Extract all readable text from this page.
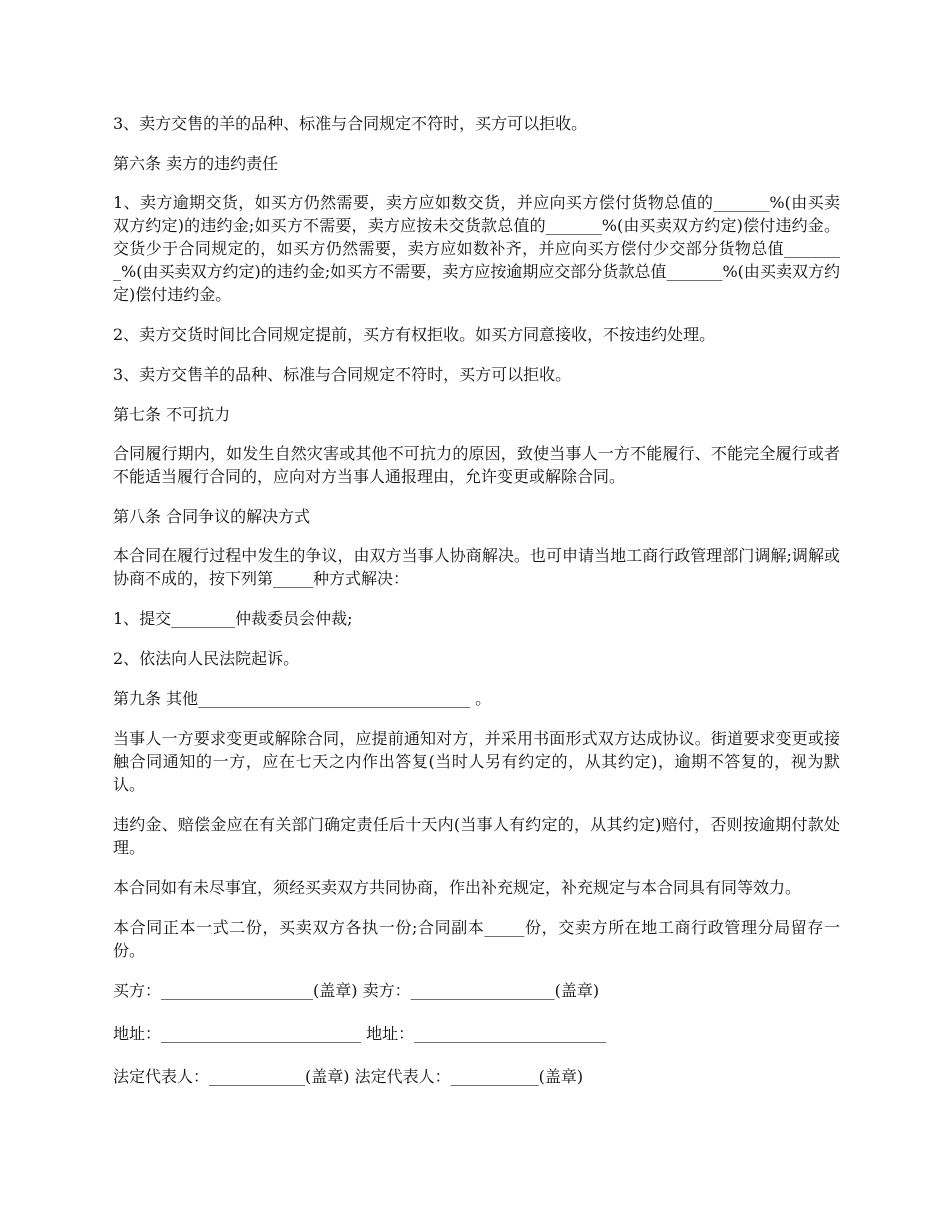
3、卖方交售的羊的品种、标准与合同规定不符时，买方可以拒收。

第六条 卖方的违约责任

1、卖方逾期交货，如买方仍然需要，卖方应如数交货，并应向买方偿付货物总值的_______%(由买卖双方约定)的违约金;如买方不需要，卖方应按未交货款总值的_______%(由买卖双方约定)偿付违约金。交货少于合同规定的，如买方仍然需要，卖方应如数补齐，并应向买方偿付少交部分货物总值________%(由买卖双方约定)的违约金;如买方不需要，卖方应按逾期应交部分货款总值_______%(由买卖双方约定)偿付违约金。

2、卖方交货时间比合同规定提前，买方有权拒收。如买方同意接收，不按违约处理。

3、卖方交售羊的品种、标准与合同规定不符时，买方可以拒收。

第七条 不可抗力

合同履行期内，如发生自然灾害或其他不可抗力的原因，致使当事人一方不能履行、不能完全履行或者不能适当履行合同的，应向对方当事人通报理由，允许变更或解除合同。

第八条 合同争议的解决方式

本合同在履行过程中发生的争议，由双方当事人协商解决。也可申请当地工商行政管理部门调解;调解或协商不成的，按下列第_____种方式解决：

1、提交________仲裁委员会仲裁;

2、依法向人民法院起诉。

第九条 其他__________________________________ 。

当事人一方要求变更或解除合同，应提前通知对方，并采用书面形式双方达成协议。街道要求变更或接触合同通知的一方，应在七天之内作出答复(当时人另有约定的，从其约定)，逾期不答复的，视为默认。

违约金、赔偿金应在有关部门确定责任后十天内(当事人有约定的，从其约定)赔付，否则按逾期付款处理。

本合同如有未尽事宜，须经买卖双方共同协商，作出补充规定，补充规定与本合同具有同等效力。

本合同正本一式二份，买卖双方各执一份;合同副本_____份，交卖方所在地工商行政管理分局留存一份。

买方：___________________(盖章) 卖方：__________________(盖章)

地址：_________________________ 地址：________________________

法定代表人：____________(盖章) 法定代表人：___________(盖章)
